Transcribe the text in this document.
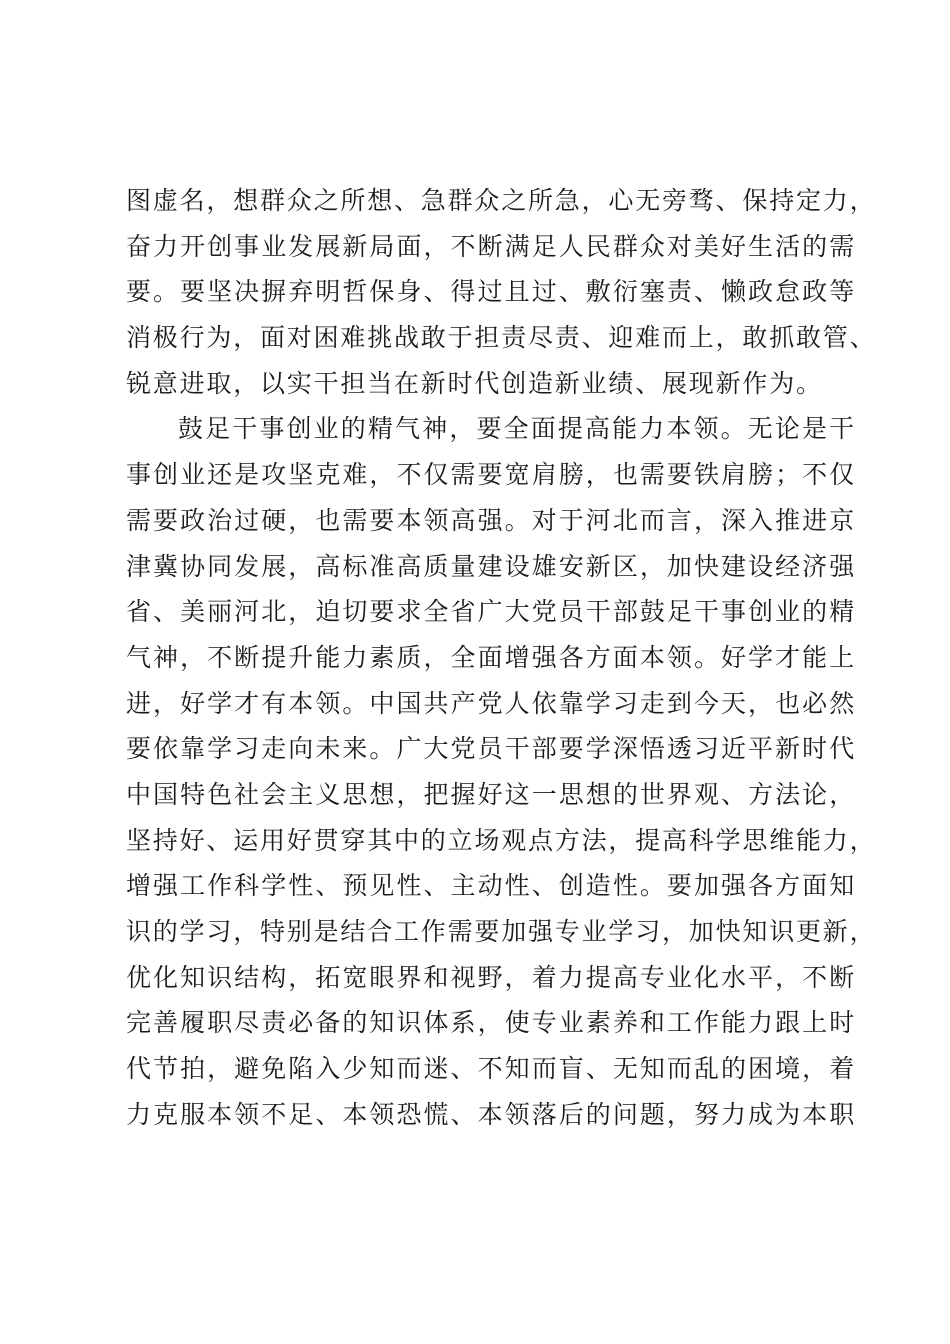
图虚名，想群众之所想、急群众之所急，心无旁骛、保持定力，
奋力开创事业发展新局面，不断满足人民群众对美好生活的需
要。要坚决摒弃明哲保身、得过且过、敷衍塞责、懒政怠政等
消极行为，面对困难挑战敢于担责尽责、迎难而上，敢抓敢管、
锐意进取，以实干担当在新时代创造新业绩、展现新作为。
鼓足干事创业的精气神，要全面提高能力本领。无论是干
事创业还是攻坚克难，不仅需要宽肩膀，也需要铁肩膀；不仅
需要政治过硬，也需要本领高强。对于河北而言，深入推进京
津冀协同发展，高标准高质量建设雄安新区，加快建设经济强
省、美丽河北，迫切要求全省广大党员干部鼓足干事创业的精
气神，不断提升能力素质，全面增强各方面本领。好学才能上
进，好学才有本领。中国共产党人依靠学习走到今天，也必然
要依靠学习走向未来。广大党员干部要学深悟透习近平新时代
中国特色社会主义思想，把握好这一思想的世界观、方法论，
坚持好、运用好贯穿其中的立场观点方法，提高科学思维能力，
增强工作科学性、预见性、主动性、创造性。要加强各方面知
识的学习，特别是结合工作需要加强专业学习，加快知识更新，
优化知识结构，拓宽眼界和视野，着力提高专业化水平，不断
完善履职尽责必备的知识体系，使专业素养和工作能力跟上时
代节拍，避免陷入少知而迷、不知而盲、无知而乱的困境，着
力克服本领不足、本领恐慌、本领落后的问题，努力成为本职
